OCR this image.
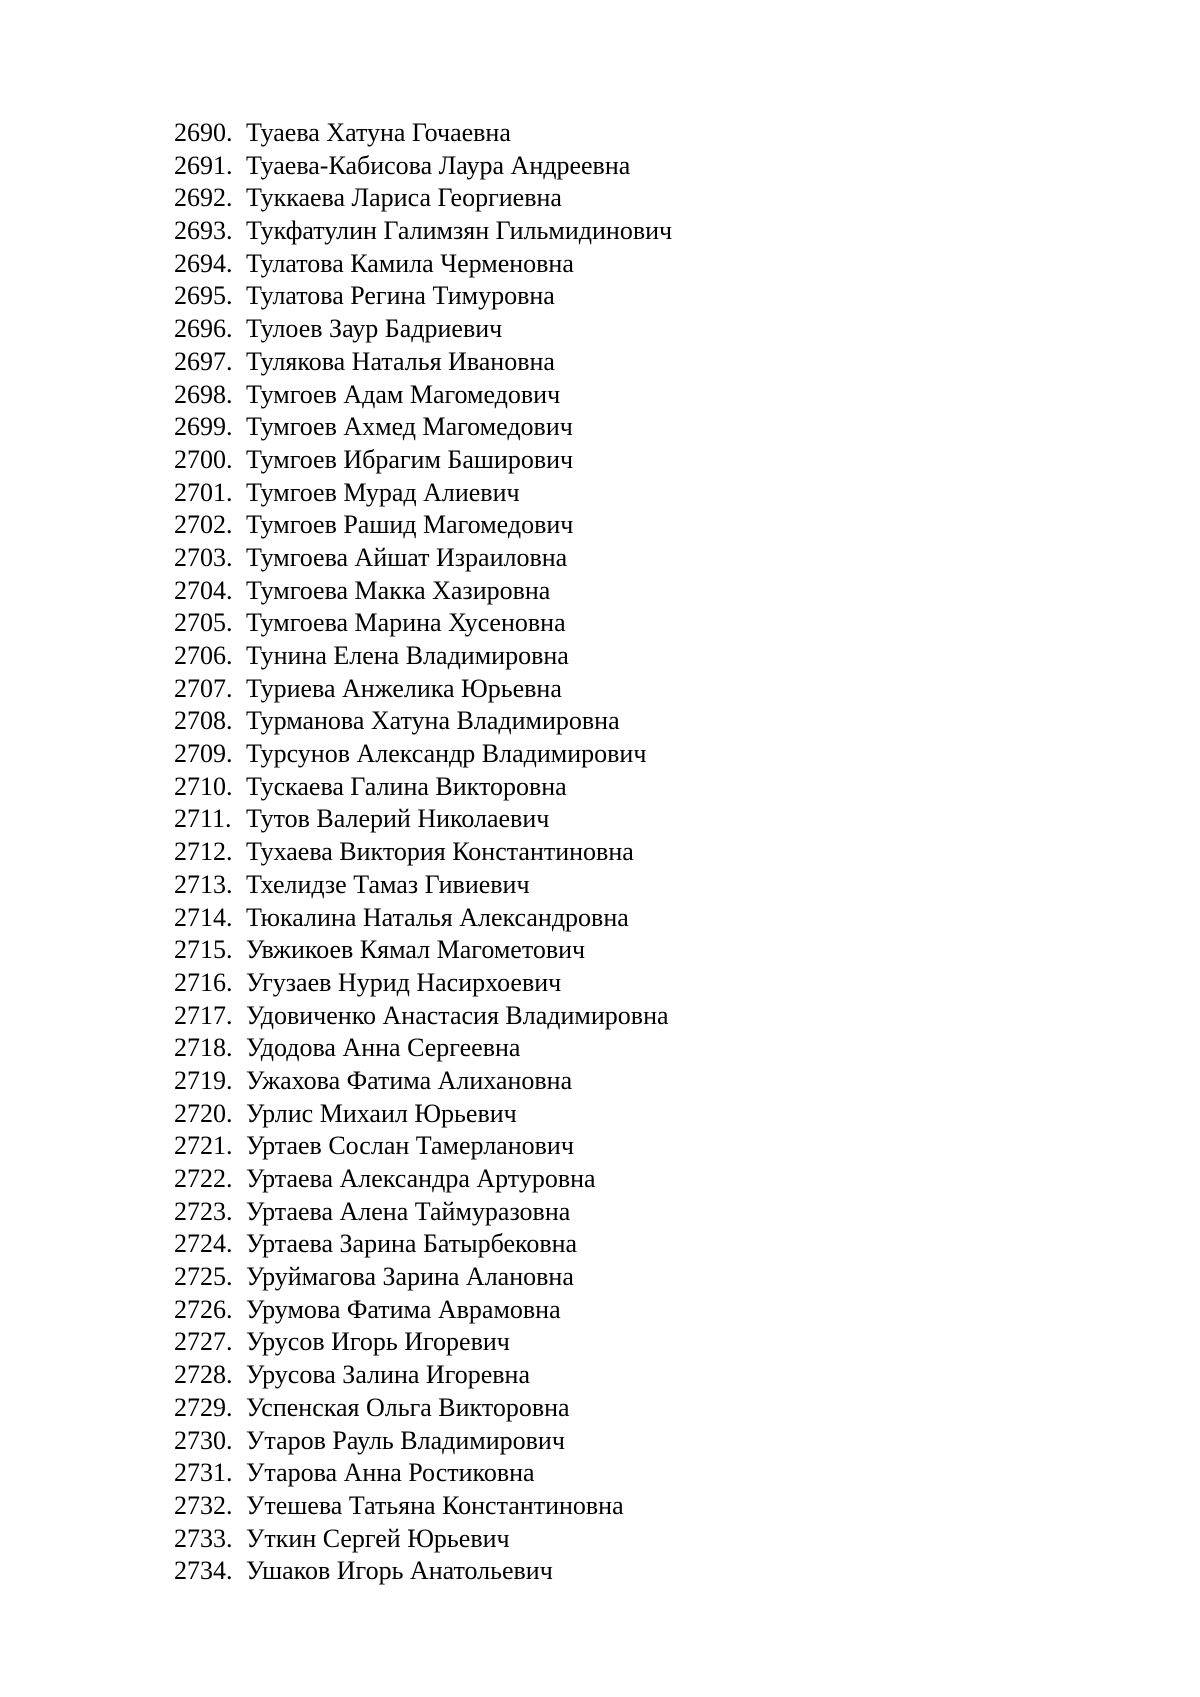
2690. Туаева Хатуна Гочаевна
2691. Туаева-Кабисова Лаура Андреевна
2692. Туккаева Лариса Георгиевна
2693. Тукфатулин Галимзян Гильмидинович
2694. Тулатова Камила Черменовна
2695. Тулатова Регина Тимуровна
2696. Тулоев Заур Бадриевич
2697. Тулякова Наталья Ивановна
2698. Тумгоев Адам Магомедович
2699. Тумгоев Ахмед Магомедович
2700. Тумгоев Ибрагим Баширович
2701. Тумгоев Мурад Алиевич
2702. Тумгоев Рашид Магомедович
2703. Тумгоева Айшат Израиловна
2704. Тумгоева Макка Хазировна
2705. Тумгоева Марина Хусеновна
2706. Тунина Елена Владимировна
2707. Туриева Анжелика Юрьевна
2708. Турманова Хатуна Владимировна
2709. Турсунов Александр Владимирович
2710. Тускаева Галина Викторовна
2711. Тутов Валерий Николаевич
2712. Тухаева Виктория Константиновна
2713. Тхелидзе Тамаз Гивиевич
2714. Тюкалина Наталья Александровна
2715. Увжикоев Кямал Магометович
2716. Угузаев Нурид Насирхоевич
2717. Удовиченко Анастасия Владимировна
2718. Удодова Анна Сергеевна
2719. Ужахова Фатима Алихановна
2720. Урлис Михаил Юрьевич
2721. Уртаев Сослан Тамерланович
2722. Уртаева Александра Артуровна
2723. Уртаева Алена Таймуразовна
2724. Уртаева Зарина Батырбековна
2725. Уруймагова Зарина Алановна
2726. Урумова Фатима Аврамовна
2727. Урусов Игорь Игоревич
2728. Урусова Залина Игоревна
2729. Успенская Ольга Викторовна
2730. Утаров Рауль Владимирович
2731. Утарова Анна Ростиковна
2732. Утешева Татьяна Константиновна
2733. Уткин Сергей Юрьевич
2734. Ушаков Игорь Анатольевич
